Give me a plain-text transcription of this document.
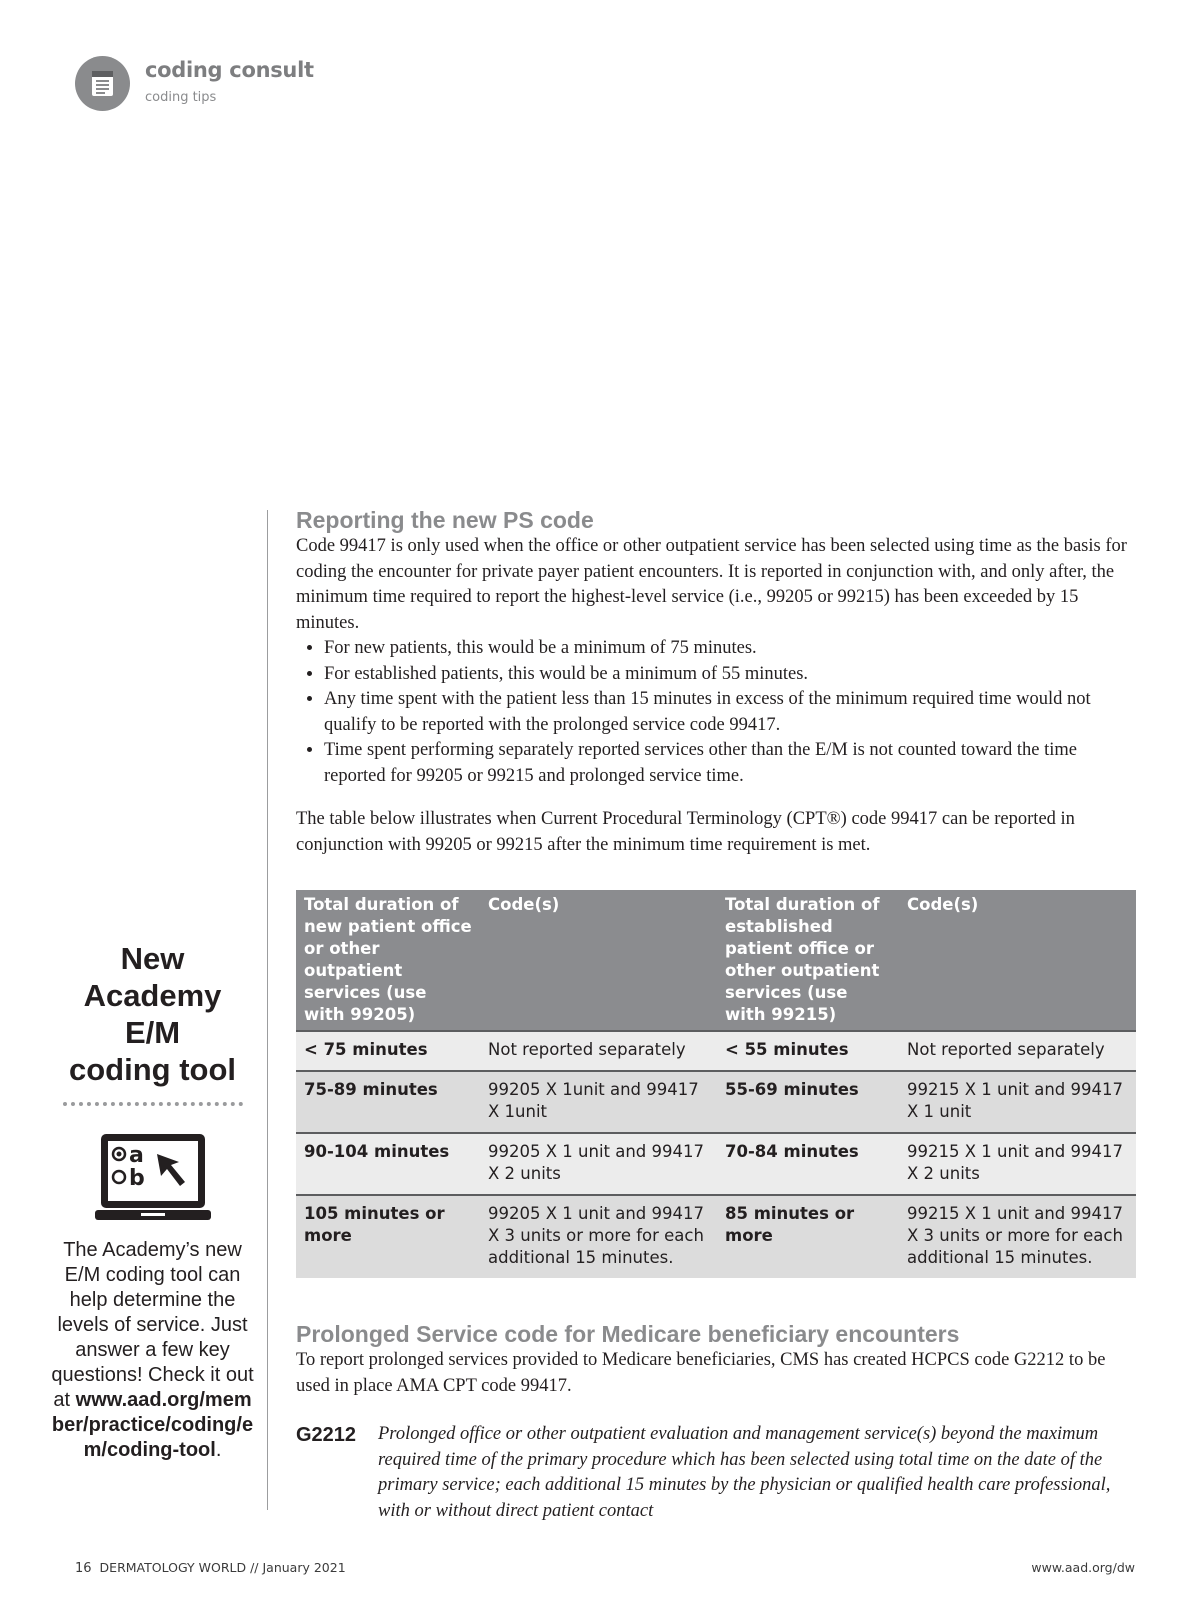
coding consult
coding tips
New
Academy
E/M
coding tool
a
b
The Academy’s new E/M coding tool can help determine the levels of service. Just answer a few key questions! Check it out at www.aad.org/member/practice/coding/em/coding-tool.
Reporting the new PS code

Code 99417 is only used when the office or other outpatient service has been selected using time as the basis for coding the encounter for private payer patient encounters. It is reported in conjunction with, and only after, the minimum time required to report the highest-level service (i.e., 99205 or 99215) has been exceeded by 15 minutes.

• For new patients, this would be a minimum of 75 minutes.
• For established patients, this would be a minimum of 55 minutes.
• Any time spent with the patient less than 15 minutes in excess of the minimum required time would not qualify to be reported with the prolonged service code 99417.
• Time spent performing separately reported services other than the E/M is not counted toward the time reported for 99205 or 99215 and prolonged service time.

The table below illustrates when Current Procedural Terminology (CPT®) code 99417 can be reported in conjunction with 99205 or 99215 after the minimum time requirement is met.

Total duration of new patient office or other outpatient services (use with 99205)	Code(s)	Total duration of established patient office or other outpatient services (use with 99215)	Code(s)
< 75 minutes	Not reported separately	< 55 minutes	Not reported separately
75-89 minutes	99205 X 1unit and 99417 X 1unit	55-69 minutes	99215 X 1 unit and 99417 X 1 unit
90-104 minutes	99205 X 1 unit and 99417 X 2 units	70-84 minutes	99215 X 1 unit and 99417 X 2 units
105 minutes or more	99205 X 1 unit and 99417 X 3 units or more for each additional 15 minutes.	85 minutes or more	99215 X 1 unit and 99417 X 3 units or more for each additional 15 minutes.
Prolonged Service code for Medicare beneficiary encounters

To report prolonged services provided to Medicare beneficiaries, CMS has created HCPCS code G2212 to be used in place AMA CPT code 99417.

G2212 Prolonged office or other outpatient evaluation and management service(s) beyond the maximum required time of the primary procedure which has been selected using total time on the date of the primary service; each additional 15 minutes by the physician or qualified health care professional, with or without direct patient contact
16 DERMATOLOGY WORLD // January 2021	www.aad.org/dw
